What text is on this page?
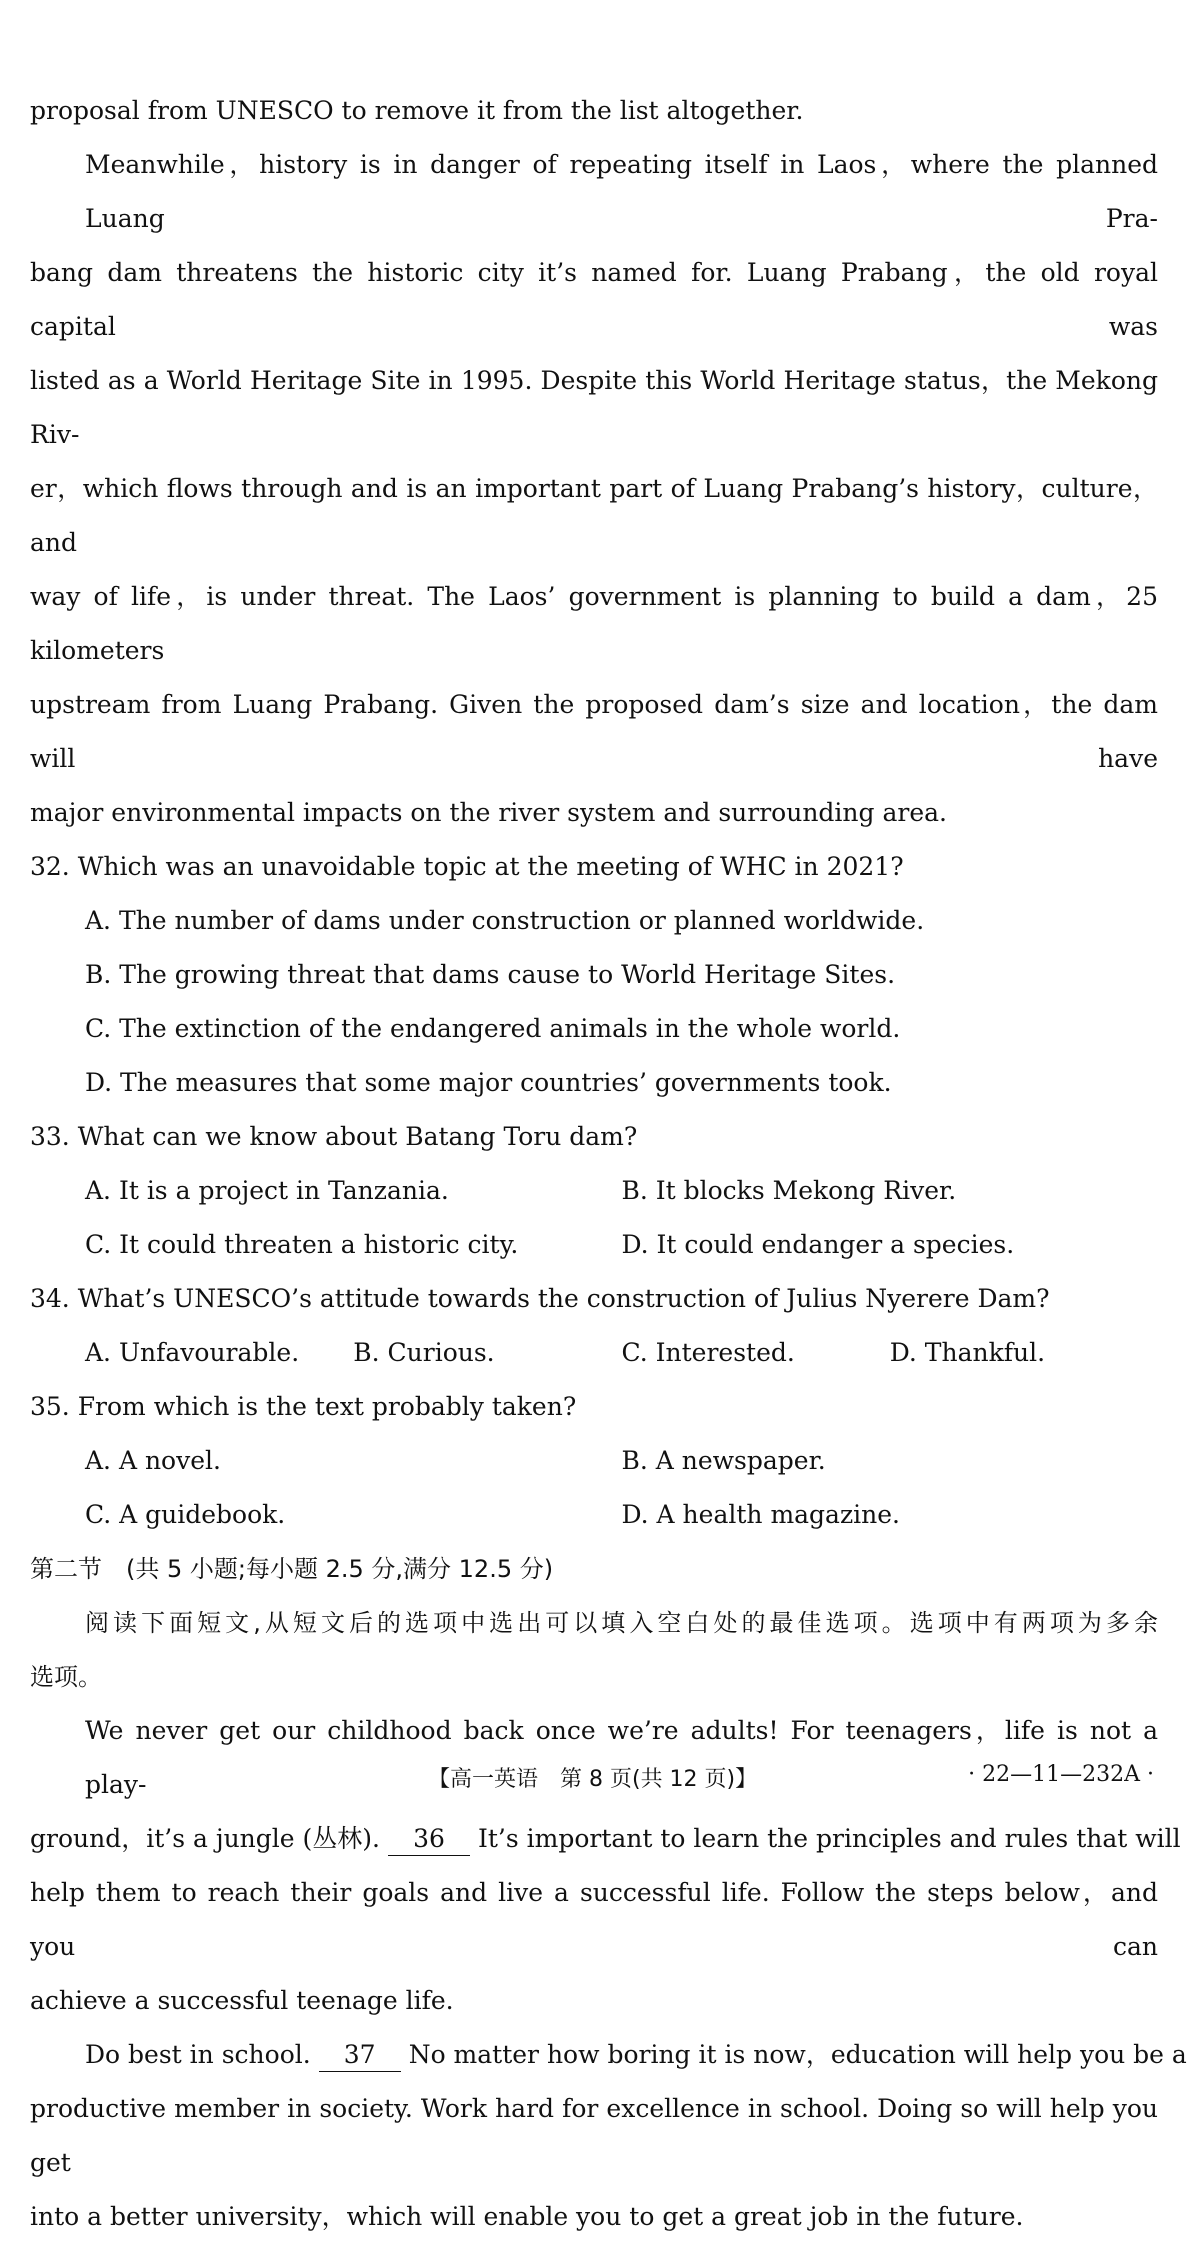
proposal from UNESCO to remove it from the list altogether.
Meanwhile，history is in danger of repeating itself in Laos，where the planned Luang Pra-
bang dam threatens the historic city it’s named for. Luang Prabang，the old royal capital was
listed as a World Heritage Site in 1995. Despite this World Heritage status，the Mekong Riv-
er，which flows through and is an important part of Luang Prabang’s history，culture，and
way of life，is under threat. The Laos’ government is planning to build a dam，25 kilometers
upstream from Luang Prabang. Given the proposed dam’s size and location，the dam will have
major environmental impacts on the river system and surrounding area.
32. Which was an unavoidable topic at the meeting of WHC in 2021?
A. The number of dams under construction or planned worldwide.
B. The growing threat that dams cause to World Heritage Sites.
C. The extinction of the endangered animals in the whole world.
D. The measures that some major countries’ governments took.
33. What can we know about Batang Toru dam?
A. It is a project in Tanzania.	B. It blocks Mekong River.
C. It could threaten a historic city.	D. It could endanger a species.
34. What’s UNESCO’s attitude towards the construction of Julius Nyerere Dam?
A. Unfavourable.	B. Curious.	C. Interested.	D. Thankful.
35. From which is the text probably taken?
A. A novel.	B. A newspaper.
C. A guidebook.	D. A health magazine.
第二节　(共 5 小题;每小题 2.5 分,满分 12.5 分)
阅读下面短文,从短文后的选项中选出可以填入空白处的最佳选项。选项中有两项为多余
选项。
We never get our childhood back once we’re adults! For teenagers，life is not a play-
ground，it’s a jungle (丛林). 36	It’s important to learn the principles and rules that will
help them to reach their goals and live a successful life. Follow the steps below，and you can
achieve a successful teenage life.
Do best in school. 37	No matter how boring it is now，education will help you be a
productive member in society. Work hard for excellence in school. Doing so will help you get
into a better university，which will enable you to get a great job in the future.
【高一英语　第 8 页(共 12 页)】	· 22—11—232A ·
